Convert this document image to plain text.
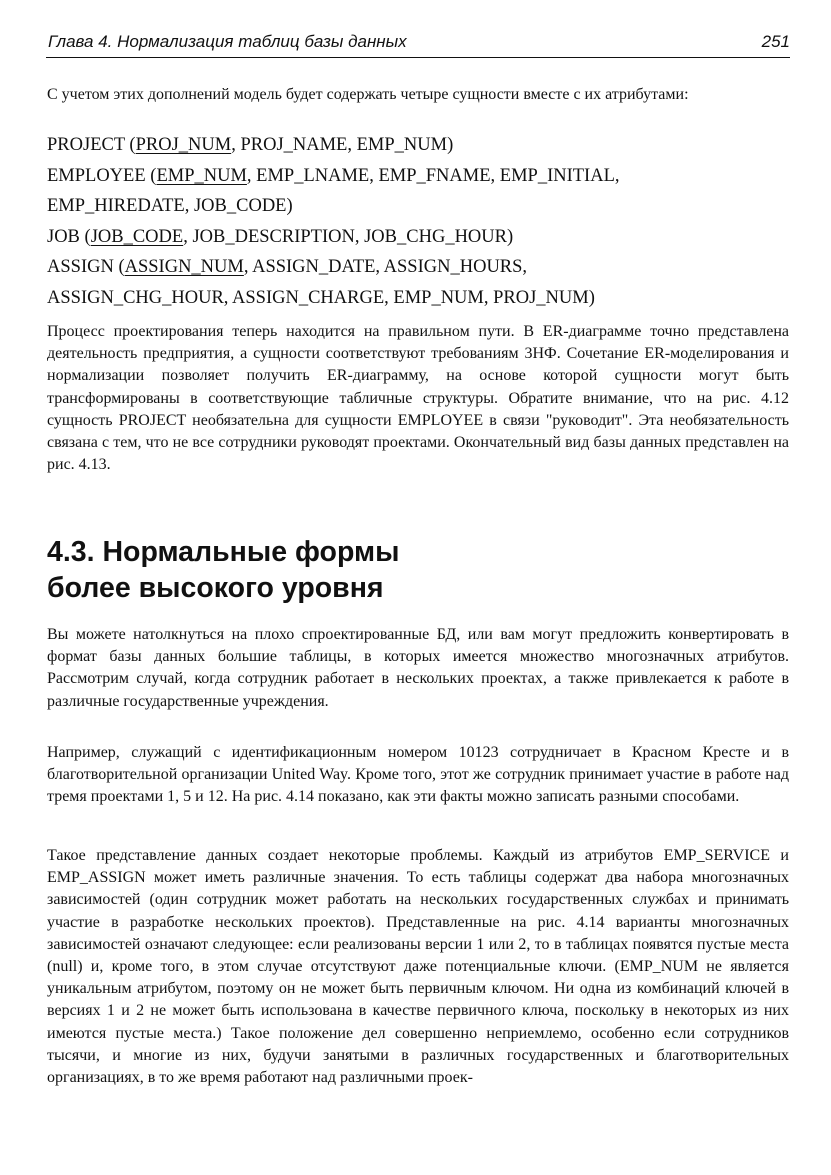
Глава 4. Нормализация таблиц базы данных	251

С учетом этих дополнений модель будет содержать четыре сущности вместе с их атрибутами:

PROJECT (PROJ_NUM, PROJ_NAME, EMP_NUM)
EMPLOYEE (EMP_NUM, EMP_LNAME, EMP_FNAME, EMP_INITIAL,
EMP_HIREDATE, JOB_CODE)
JOB (JOB_CODE, JOB_DESCRIPTION, JOB_CHG_HOUR)
ASSIGN (ASSIGN_NUM, ASSIGN_DATE, ASSIGN_HOURS,
ASSIGN_CHG_HOUR, ASSIGN_CHARGE, EMP_NUM, PROJ_NUM)

Процесс проектирования теперь находится на правильном пути. В ER-диаграмме точно представлена деятельность предприятия, а сущности соответствуют требованиям 3НФ. Сочетание ER-моделирования и нормализации позволяет получить ER-диаграмму, на основе которой сущности могут быть трансформированы в соответствующие табличные структуры. Обратите внимание, что на рис. 4.12 сущность PROJECT необязательна для сущности EMPLOYEE в связи "руководит". Эта необязательность связана с тем, что не все сотрудники руководят проектами. Окончательный вид базы данных представлен на рис. 4.13.

4.3. Нормальные формы
более высокого уровня

Вы можете натолкнуться на плохо спроектированные БД, или вам могут предложить конвертировать в формат базы данных большие таблицы, в которых имеется множество многозначных атрибутов. Рассмотрим случай, когда сотрудник работает в нескольких проектах, а также привлекается к работе в различные государственные учреждения.

Например, служащий с идентификационным номером 10123 сотрудничает в Красном Кресте и в благотворительной организации United Way. Кроме того, этот же сотрудник принимает участие в работе над тремя проектами 1, 5 и 12. На рис. 4.14 показано, как эти факты можно записать разными способами.

Такое представление данных создает некоторые проблемы. Каждый из атрибутов EMP_SERVICE и EMP_ASSIGN может иметь различные значения. То есть таблицы содержат два набора многозначных зависимостей (один сотрудник может работать на нескольких государственных службах и принимать участие в разработке нескольких проектов). Представленные на рис. 4.14 варианты многозначных зависимостей означают следующее: если реализованы версии 1 или 2, то в таблицах появятся пустые места (null) и, кроме того, в этом случае отсутствуют даже потенциальные ключи. (EMP_NUM не является уникальным атрибутом, поэтому он не может быть первичным ключом. Ни одна из комбинаций ключей в версиях 1 и 2 не может быть использована в качестве первичного ключа, поскольку в некоторых из них имеются пустые места.) Такое положение дел совершенно неприемлемо, особенно если сотрудников тысячи, и многие из них, будучи занятыми в различных государственных и благотворительных организациях, в то же время работают над различными проек-
